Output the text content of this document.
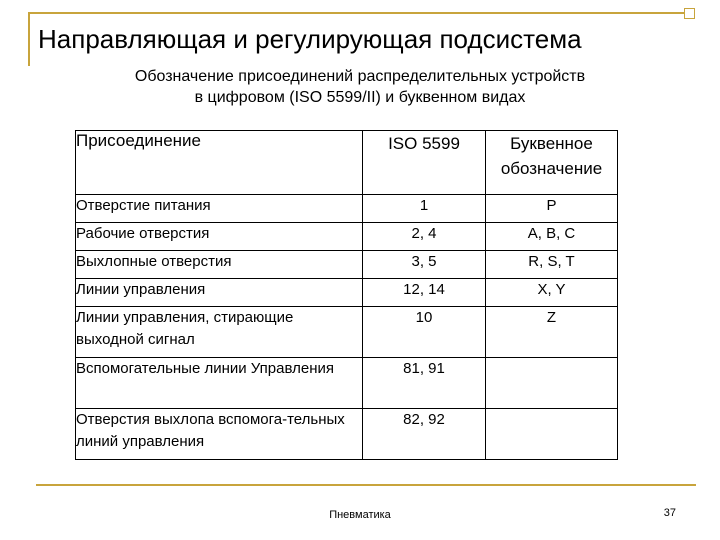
Направляющая и регулирующая подсистема
Обозначение присоединений распределительных устройств
в цифровом (ISO 5599/II) и буквенном видах
Присоединение	ISO 5599	Буквенное обозначение
Отверстие питания	1	P
Рабочие отверстия	2, 4	A, B, C
Выхлопные отверстия	3, 5	R, S, T
Линии управления	12, 14	X, Y
Линии управления, стирающие выходной сигнал	10	Z
Вспомогательные линии Управления	81, 91	
Отверстия выхлопа вспомога-тельных линий управления	82, 92	
Пневматика	37
